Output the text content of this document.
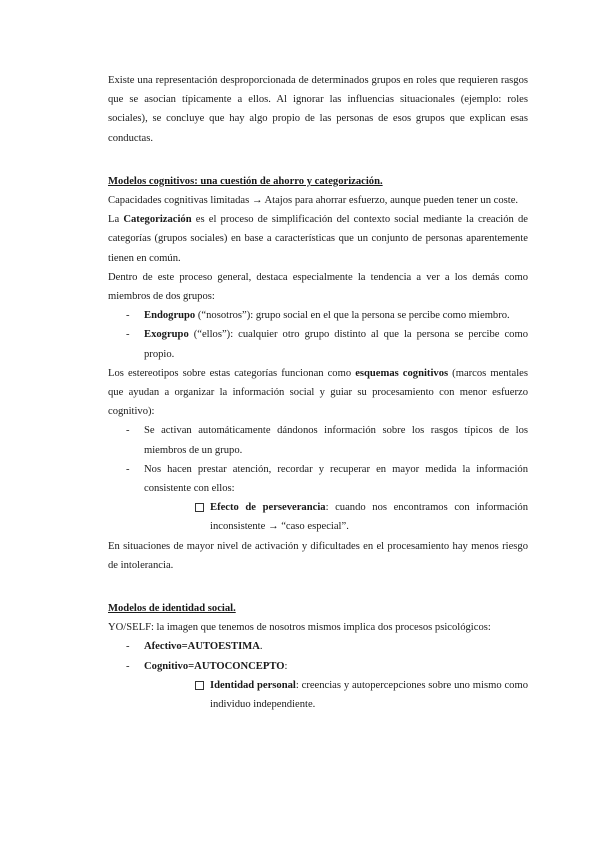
Existe una representación desproporcionada de determinados grupos en roles que requieren rasgos que se asocian típicamente a ellos. Al ignorar las influencias situacionales (ejemplo: roles sociales), se concluye que hay algo propio de las personas de esos grupos que explican esas conductas.

Modelos cognitivos: una cuestión de ahorro y categorización.

Capacidades cognitivas limitadas → Atajos para ahorrar esfuerzo, aunque pueden tener un coste.

La Categorización es el proceso de simplificación del contexto social mediante la creación de categorías (grupos sociales) en base a características que un conjunto de personas aparentemente tienen en común.

Dentro de este proceso general, destaca especialmente la tendencia a ver a los demás como miembros de dos grupos:

- Endogrupo (“nosotros”): grupo social en el que la persona se percibe como miembro.
- Exogrupo (“ellos”): cualquier otro grupo distinto al que la persona se percibe como propio.

Los estereotipos sobre estas categorías funcionan como esquemas cognitivos (marcos mentales que ayudan a organizar la información social y guiar su procesamiento con menor esfuerzo cognitivo):

- Se activan automáticamente dándonos información sobre los rasgos típicos de los miembros de un grupo.
- Nos hacen prestar atención, recordar y recuperar en mayor medida la información consistente con ellos:
Efecto de perseverancia: cuando nos encontramos con información inconsistente → “caso especial”.

En situaciones de mayor nivel de activación y dificultades en el procesamiento hay menos riesgo de intolerancia.

Modelos de identidad social.

YO/SELF: la imagen que tenemos de nosotros mismos implica dos procesos psicológicos:

- Afectivo=AUTOESTIMA.
- Cognitivo=AUTOCONCEPTO:
Identidad personal: creencias y autopercepciones sobre uno mismo como individuo independiente.
